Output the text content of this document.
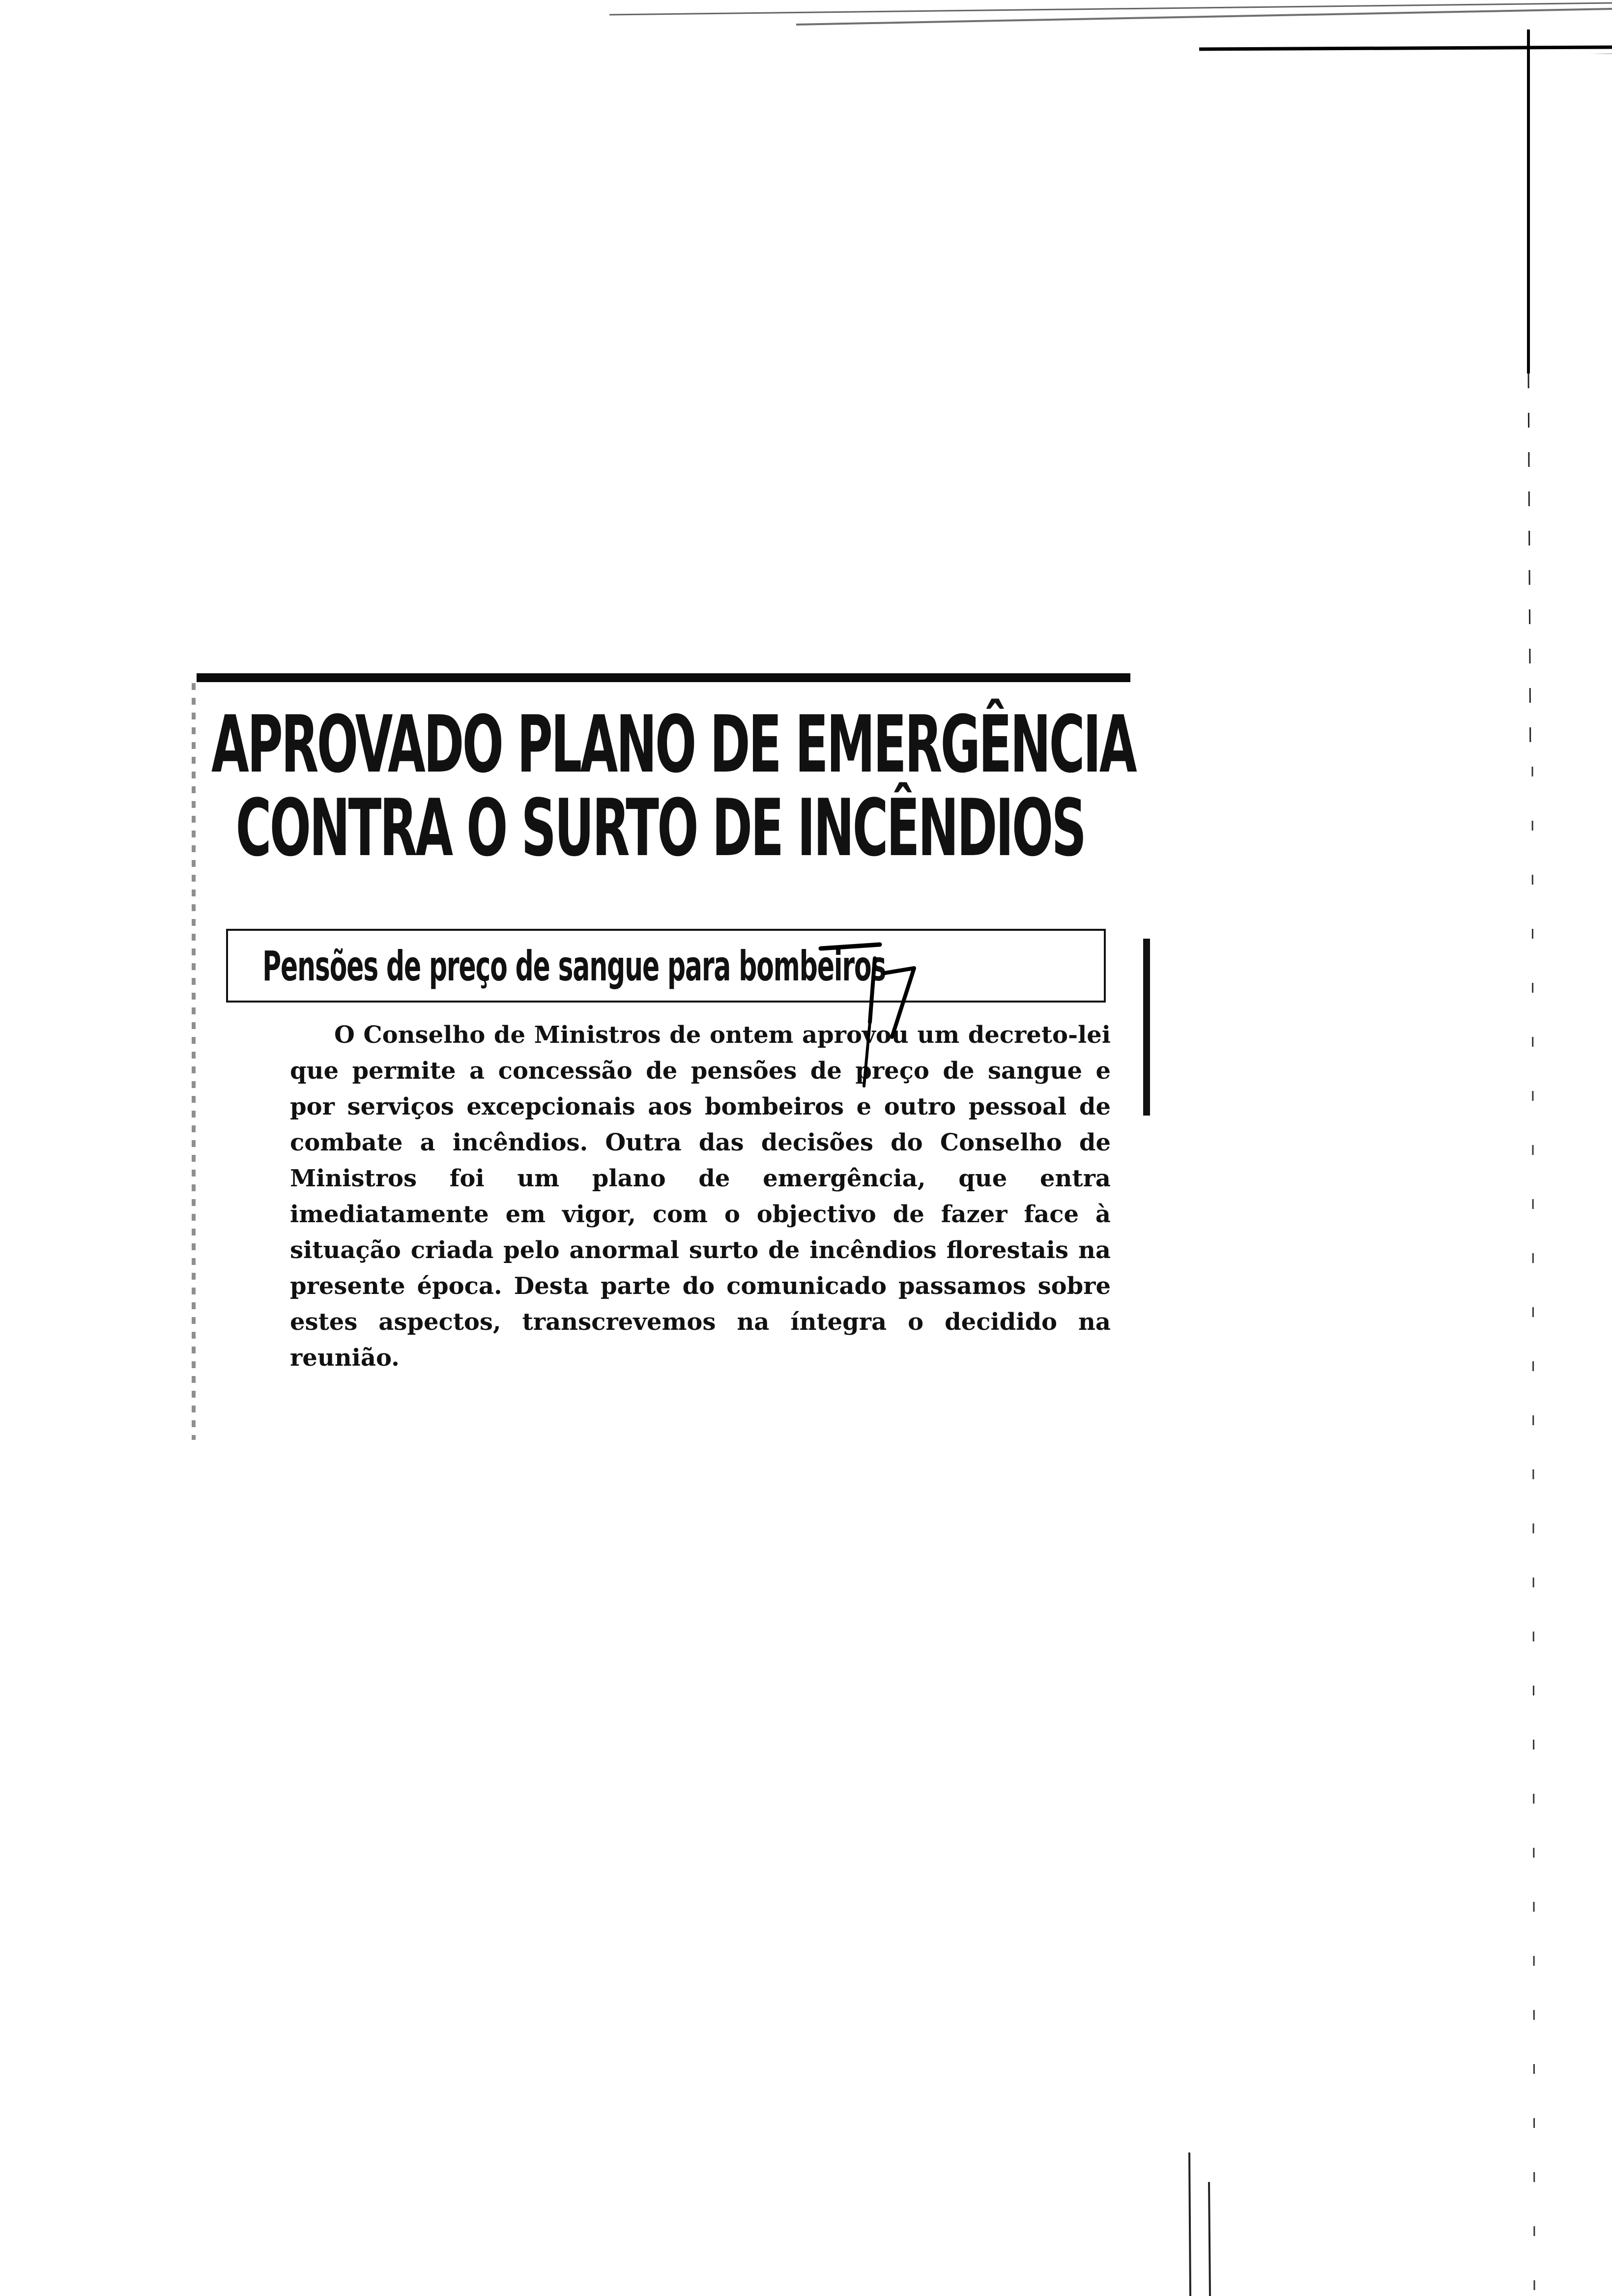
APROVADO PLANO DE EMERGÊNCIA
CONTRA O SURTO DE INCÊNDIOS
Pensões de preço de sangue para bombeiros

O Conselho de Ministros de ontem aprovou um decreto-lei que permite a concessão de pensões de preço de sangue e por serviços excepcionais aos bombeiros e outro pessoal de combate a incêndios. Outra das decisões do Conselho de Ministros foi um plano de emergência, que entra imediatamente em vigor, com o objectivo de fazer face à situação criada pelo anormal surto de incêndios florestais na presente época. Desta parte do comunicado passamos sobre estes aspectos, transcrevemos na íntegra o decidido na reunião.
